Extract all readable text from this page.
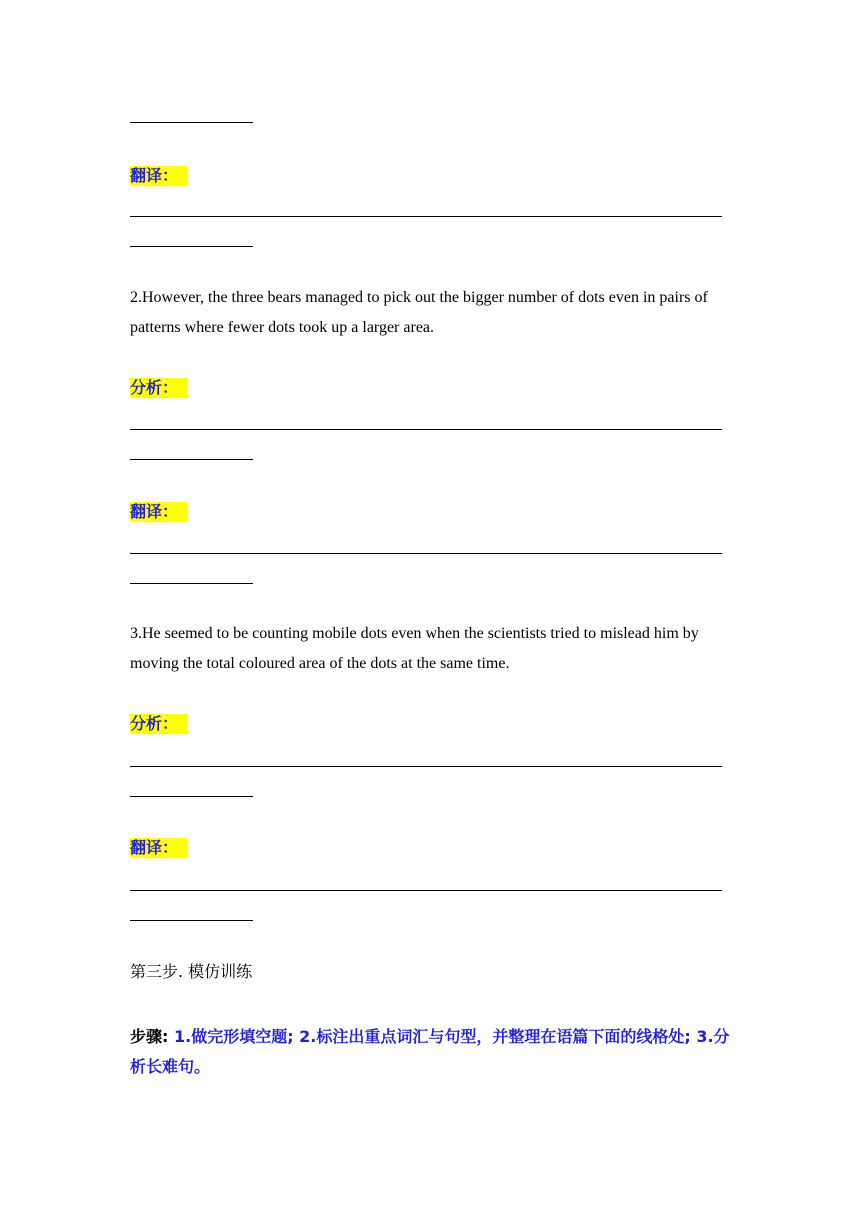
翻译：
2.However, the three bears managed to pick out the bigger number of dots even in pairs of patterns where fewer dots took up a larger area.
分析：
翻译：
3.He seemed to be counting mobile dots even when the scientists tried to mislead him by moving the total coloured area of the dots at the same time.
分析：
翻译：
第三步. 模仿训练
步骤: 1.做完形填空题; 2.标注出重点词汇与句型，并整理在语篇下面的线格处; 3.分析长难句。
